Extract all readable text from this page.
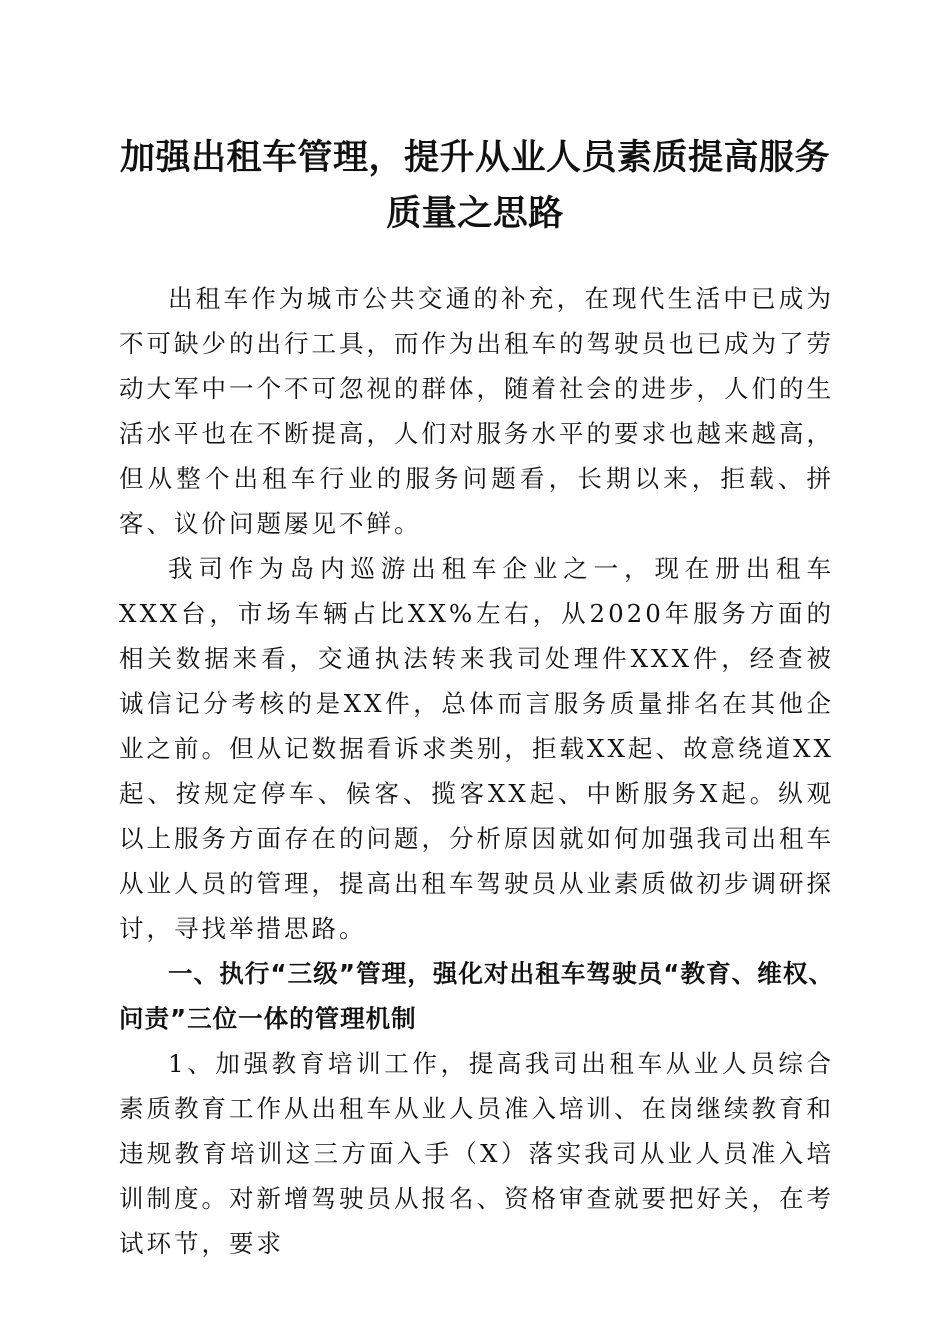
加强出租车管理，提升从业人员素质提高服务
质量之思路

出租车作为城市公共交通的补充，在现代生活中已成为不可缺少的出行工具，而作为出租车的驾驶员也已成为了劳动大军中一个不可忽视的群体，随着社会的进步，人们的生活水平也在不断提高，人们对服务水平的要求也越来越高，但从整个出租车行业的服务问题看，长期以来，拒载、拼客、议价问题屡见不鲜。

我司作为岛内巡游出租车企业之一，现在册出租车XXX台，市场车辆占比XX%左右，从2020年服务方面的相关数据来看，交通执法转来我司处理件XXX件，经查被诚信记分考核的是XX件，总体而言服务质量排名在其他企业之前。但从记数据看诉求类别，拒载XX起、故意绕道XX起、按规定停车、候客、揽客XX起、中断服务X起。纵观以上服务方面存在的问题，分析原因就如何加强我司出租车从业人员的管理，提高出租车驾驶员从业素质做初步调研探讨，寻找举措思路。

一、执行“三级”管理，强化对出租车驾驶员“教育、维权、问责”三位一体的管理机制

1、加强教育培训工作，提高我司出租车从业人员综合素质教育工作从出租车从业人员准入培训、在岗继续教育和违规教育培训这三方面入手（X）落实我司从业人员准入培训制度。对新增驾驶员从报名、资格审查就要把好关，在考试环节，要求
